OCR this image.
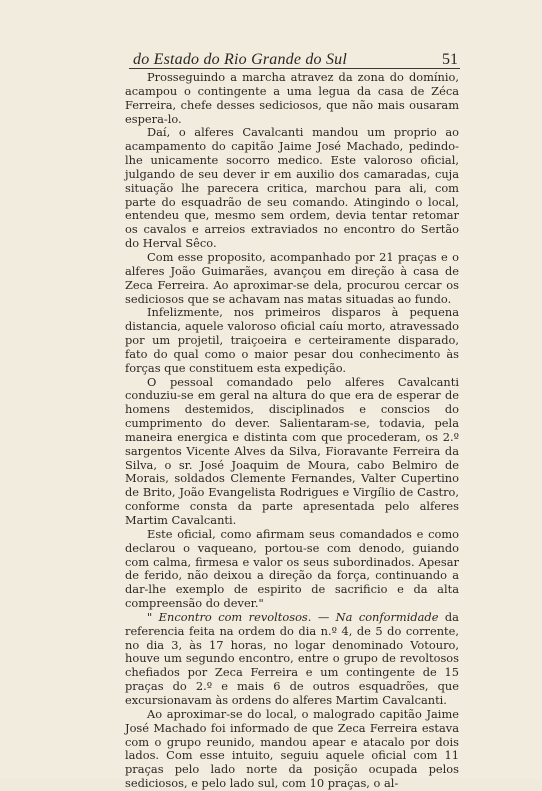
do Estado do Rio Grande do Sul	51

Prosseguindo a marcha atravez da zona do domínio, acampou o contingente a uma legua da casa de Zéca Ferreira, chefe desses sediciosos, que não mais ousaram espera-lo.

Daí, o alferes Cavalcanti mandou um proprio ao acampamento do capitão Jaime José Machado, pedindo-lhe unicamente socorro medico. Este valoroso oficial, julgando de seu dever ir em auxilio dos camaradas, cuja situação lhe parecera critica, marchou para ali, com parte do esquadrão de seu comando. Atingindo o local, entendeu que, mesmo sem ordem, devia tentar retomar os cavalos e arreios extraviados no encontro do Sertão do Herval Sêco.

Com esse proposito, acompanhado por 21 praças e o alferes João Guimarães, avançou em direção à casa de Zeca Ferreira. Ao aproximar-se dela, procurou cercar os sediciosos que se achavam nas matas situadas ao fundo.

Infelizmente, nos primeiros disparos à pequena distancia, aquele valoroso oficial caíu morto, atravessado por um projetil, traiçoeira e certeiramente disparado, fato do qual como o maior pesar dou conhecimento às forças que constituem esta expedição.

O pessoal comandado pelo alferes Cavalcanti conduziu-se em geral na altura do que era de esperar de homens destemidos, disciplinados e conscios do cumprimento do dever. Salientaram-se, todavia, pela maneira energica e distinta com que procederam, os 2.º sargentos Vicente Alves da Silva, Fioravante Ferreira da Silva, o sr. José Joaquim de Moura, cabo Belmiro de Morais, soldados Clemente Fernandes, Valter Cupertino de Brito, João Evangelista Rodrigues e Virgílio de Castro, conforme consta da parte apresentada pelo alferes Martim Cavalcanti.

Este oficial, como afirmam seus comandados e como declarou o vaqueano, portou-se com denodo, guiando com calma, firmesa e valor os seus subordinados. Apesar de ferido, não deixou a direção da força, continuando a dar-lhe exemplo de espirito de sacrificio e da alta compreensão do dever."

" Encontro com revoltosos. — Na conformidade da referencia feita na ordem do dia n.º 4, de 5 do corrente, no dia 3, às 17 horas, no logar denominado Votouro, houve um segundo encontro, entre o grupo de revoltosos chefiados por Zeca Ferreira e um contingente de 15 praças do 2.º e mais 6 de outros esquadrões, que excursionavam às ordens do alferes Martim Cavalcanti.

Ao aproximar-se do local, o malogrado capitão Jaime José Machado foi informado de que Zeca Ferreira estava com o grupo reunido, mandou apear e atacalo por dois lados. Com esse intuito, seguiu aquele oficial com 11 praças pelo lado norte da posição ocupada pelos sediciosos, e pelo lado sul, com 10 praças, o al-
